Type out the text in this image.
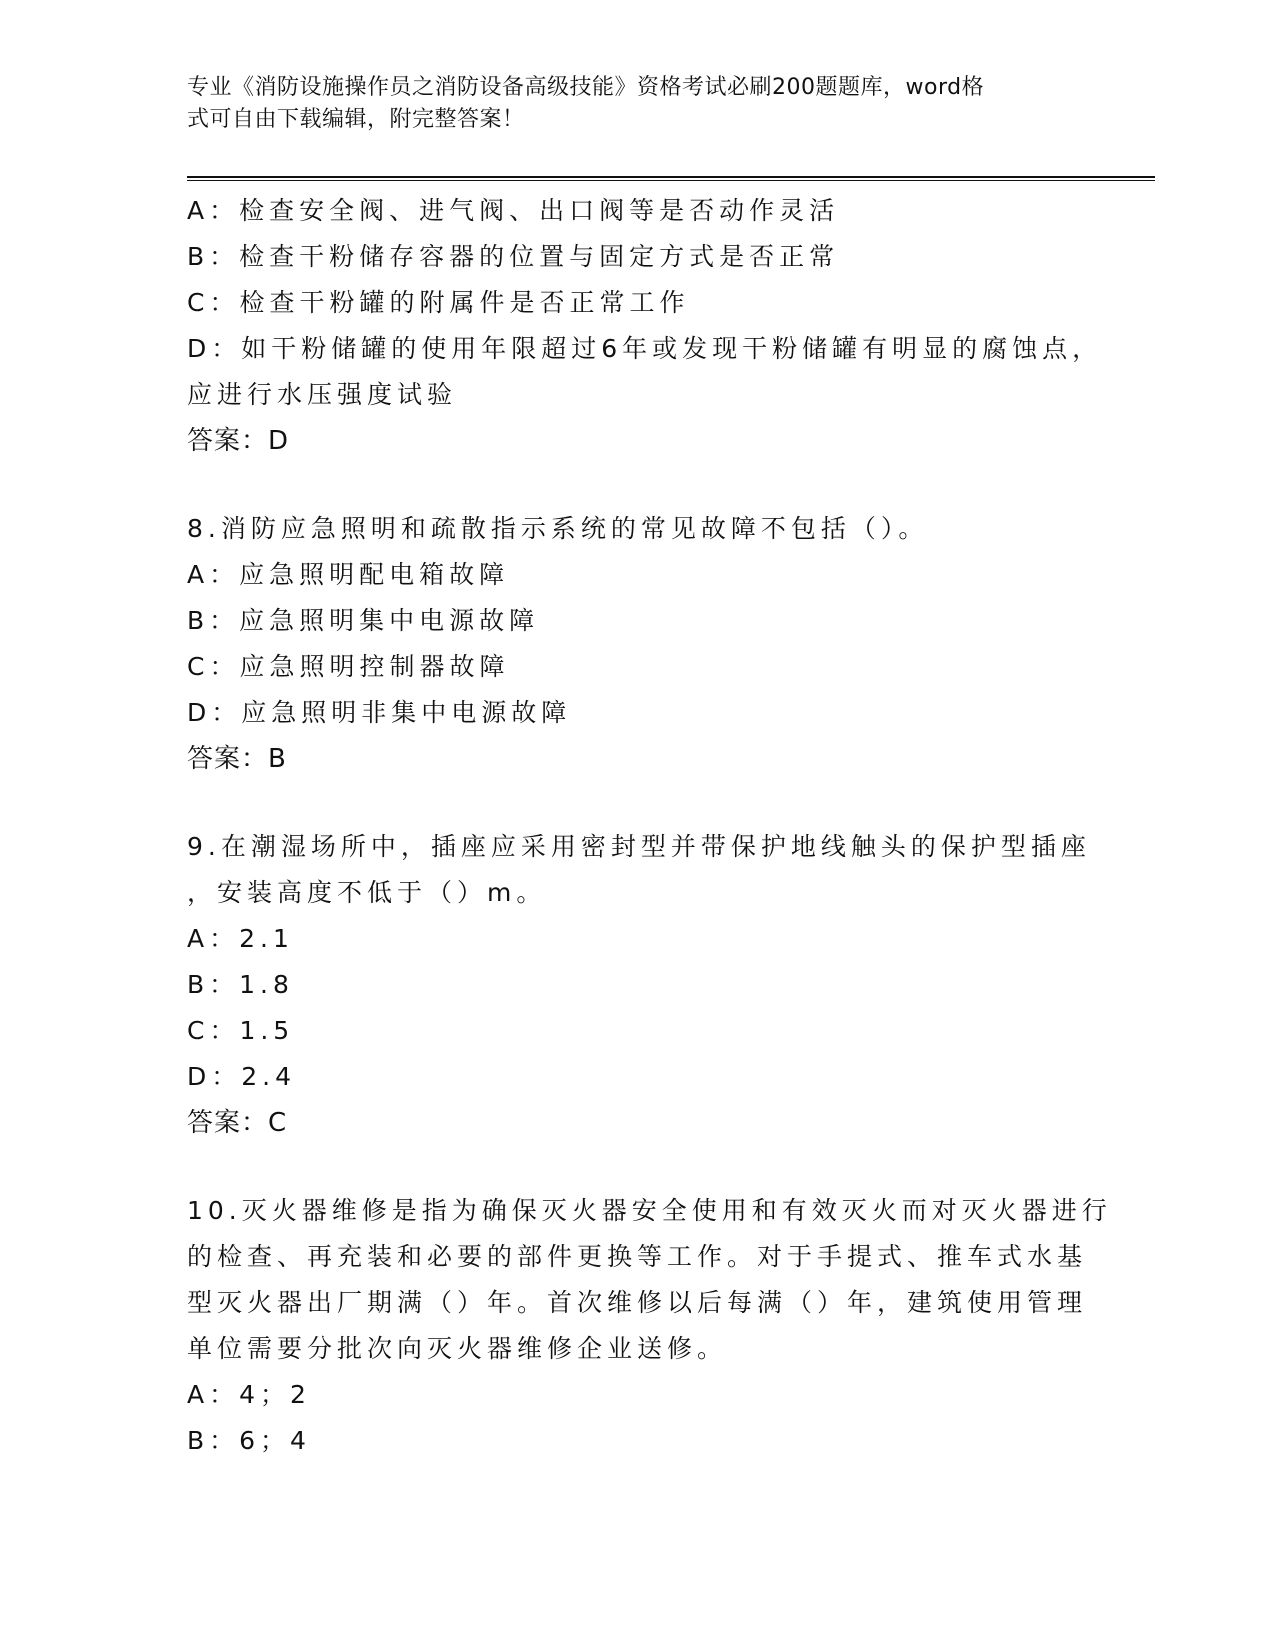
专业《消防设施操作员之消防设备高级技能》资格考试必刷200题题库，word格
式可自由下载编辑，附完整答案！
A：检查安全阀、进气阀、出口阀等是否动作灵活
B：检查干粉储存容器的位置与固定方式是否正常
C：检查干粉罐的附属件是否正常工作
D：如干粉储罐的使用年限超过6年或发现干粉储罐有明显的腐蚀点，
应进行水压强度试验
答案：D
8.消防应急照明和疏散指示系统的常见故障不包括（）。
A：应急照明配电箱故障
B：应急照明集中电源故障
C：应急照明控制器故障
D：应急照明非集中电源故障
答案：B
9.在潮湿场所中，插座应采用密封型并带保护地线触头的保护型插座
，安装高度不低于（）m。
A：2.1
B：1.8
C：1.5
D：2.4
答案：C
10.灭火器维修是指为确保灭火器安全使用和有效灭火而对灭火器进行
的检查、再充装和必要的部件更换等工作。对于手提式、推车式水基
型灭火器出厂期满（）年。首次维修以后每满（）年，建筑使用管理
单位需要分批次向灭火器维修企业送修。
A：4；2
B：6；4
